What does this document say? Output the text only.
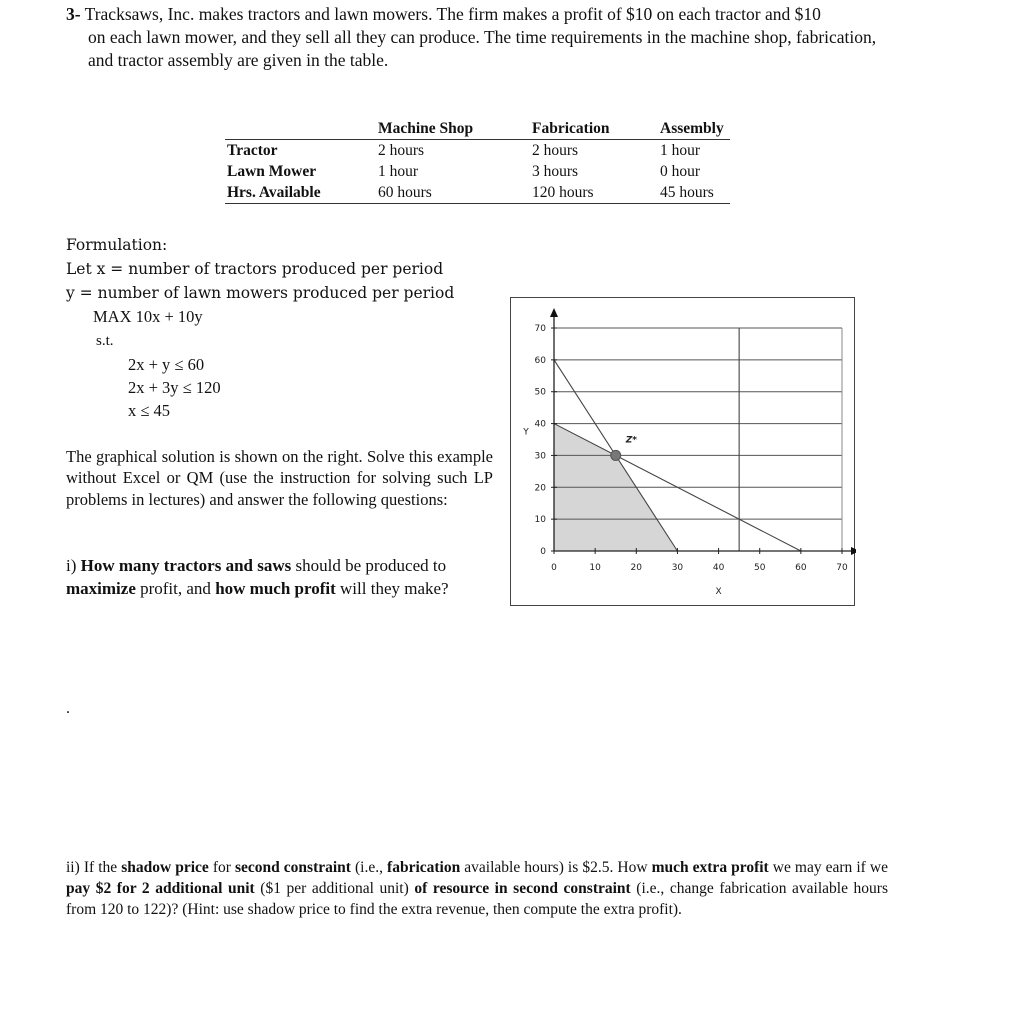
3- Tracksaws, Inc. makes tractors and lawn mowers. The firm makes a profit of $10 on each tractor and $10
on each lawn mower, and they sell all they can produce. The time requirements in the machine shop, fabrication, and tractor assembly are given in the table.
	Machine Shop	Fabrication	Assembly
Tractor	2 hours	2 hours	1 hour
Lawn Mower	1 hour	3 hours	0 hour
Hrs. Available	60 hours	120 hours	45 hours
Formulation:
Let x = number of tractors produced per period
y = number of lawn mowers produced per period
MAX 10x + 10y
s.t.
2x + y ≤ 60
2x + 3y ≤ 120
x ≤ 45
The graphical solution is shown on the right. Solve this example without Excel or QM (use the instruction for solving such LP problems in lectures) and answer the following questions:
i) How many tractors and saws should be produced to maximize profit, and how much profit will they make?
.
ii) If the shadow price for second constraint (i.e., fabrication available hours) is $2.5. How much extra profit we may earn if we pay $2 for 2 additional unit ($1 per additional unit) of resource in second constraint (i.e., change fabrication available hours from 120 to 122)? (Hint: use shadow price to find the extra revenue, then compute the extra profit).
0	10	20	30	40	50	60	70
0
10
20
30
40
50
60
70
X
Y
Z*
